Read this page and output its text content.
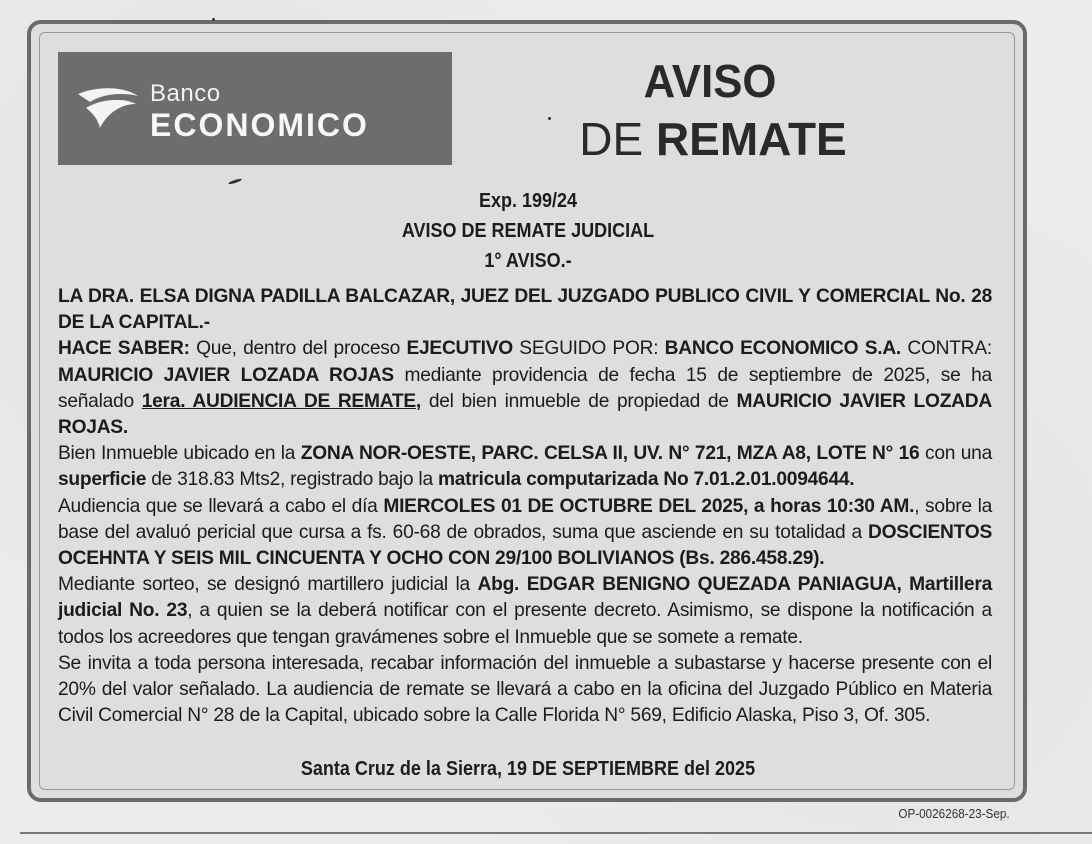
Banco
ECONOMICO
AVISO
DE REMATE
Exp. 199/24
AVISO DE REMATE JUDICIAL
1° AVISO.-

LA DRA. ELSA DIGNA PADILLA BALCAZAR, JUEZ DEL JUZGADO PUBLICO CIVIL Y COMERCIAL No. 28 DE LA CAPITAL.-

HACE SABER: Que, dentro del proceso EJECUTIVO SEGUIDO POR: BANCO ECONOMICO S.A. CONTRA: MAURICIO JAVIER LOZADA ROJAS mediante providencia de fecha 15 de septiembre de 2025, se ha señalado 1era. AUDIENCIA DE REMATE, del bien inmueble de propiedad de MAURICIO JAVIER LOZADA ROJAS.

Bien Inmueble ubicado en la ZONA NOR-OESTE, PARC. CELSA II, UV. N° 721, MZA A8, LOTE N° 16 con una superficie de 318.83 Mts2, registrado bajo la matricula computarizada No 7.01.2.01.0094644.

Audiencia que se llevará a cabo el día MIERCOLES 01 DE OCTUBRE DEL 2025, a horas 10:30 AM., sobre la base del avaluó pericial que cursa a fs. 60-68 de obrados, suma que asciende en su totalidad a DOSCIENTOS OCEHNTA Y SEIS MIL CINCUENTA Y OCHO CON 29/100 BOLIVIANOS (Bs. 286.458.29).

Mediante sorteo, se designó martillero judicial la Abg. EDGAR BENIGNO QUEZADA PANIAGUA, Martillera judicial No. 23, a quien se la deberá notificar con el presente decreto. Asimismo, se dispone la notificación a todos los acreedores que tengan gravámenes sobre el Inmueble que se somete a remate.

Se invita a toda persona interesada, recabar información del inmueble a subastarse y hacerse presente con el 20% del valor señalado. La audiencia de remate se llevará a cabo en la oficina del Juzgado Público en Materia Civil Comercial N° 28 de la Capital, ubicado sobre la Calle Florida N° 569, Edificio Alaska, Piso 3, Of. 305.

Santa Cruz de la Sierra, 19 DE SEPTIEMBRE del 2025
OP-0026268-23-Sep.
